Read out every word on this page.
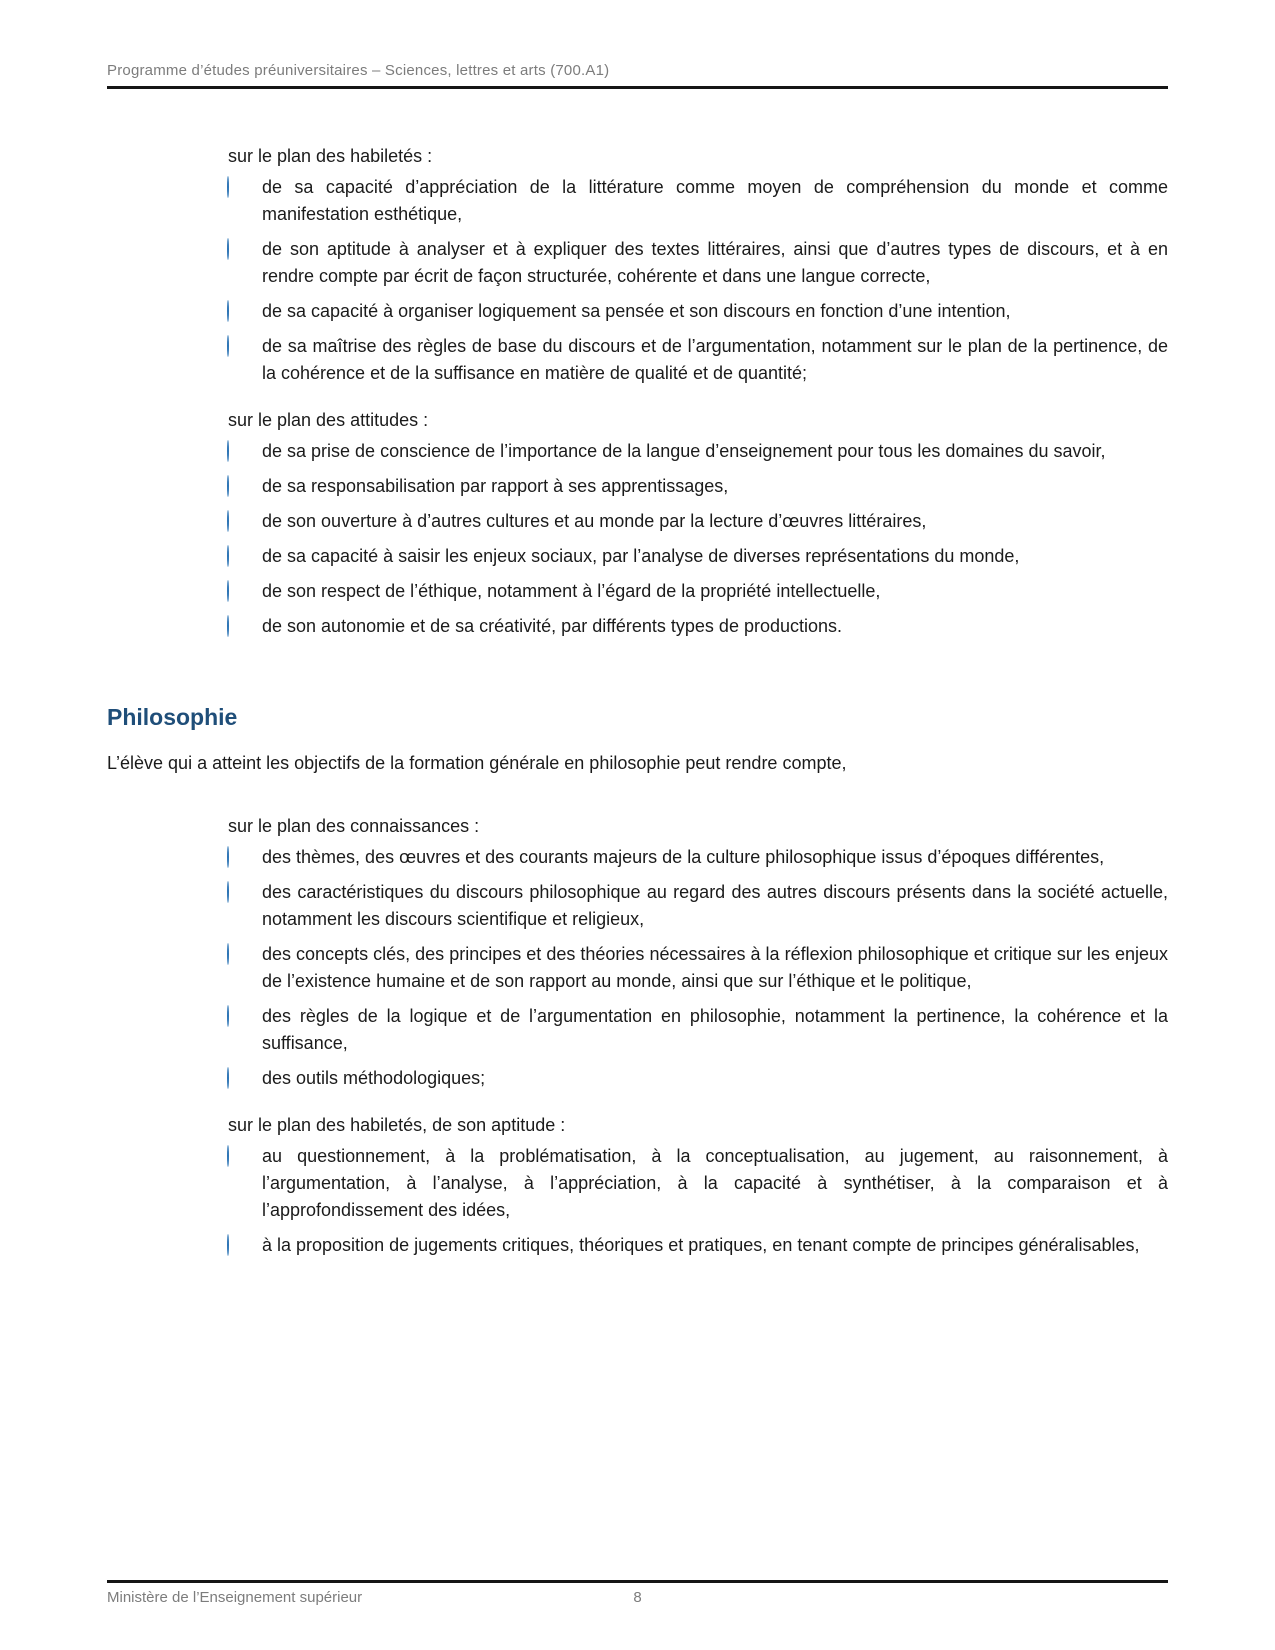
Programme d’études préuniversitaires – Sciences, lettres et arts (700.A1)
sur le plan des habiletés :
de sa capacité d’appréciation de la littérature comme moyen de compréhension du monde et comme manifestation esthétique,
de son aptitude à analyser et à expliquer des textes littéraires, ainsi que d’autres types de discours, et à en rendre compte par écrit de façon structurée, cohérente et dans une langue correcte,
de sa capacité à organiser logiquement sa pensée et son discours en fonction d’une intention,
de sa maîtrise des règles de base du discours et de l’argumentation, notamment sur le plan de la pertinence, de la cohérence et de la suffisance en matière de qualité et de quantité;
sur le plan des attitudes :
de sa prise de conscience de l’importance de la langue d’enseignement pour tous les domaines du savoir,
de sa responsabilisation par rapport à ses apprentissages,
de son ouverture à d’autres cultures et au monde par la lecture d’œuvres littéraires,
de sa capacité à saisir les enjeux sociaux, par l’analyse de diverses représentations du monde,
de son respect de l’éthique, notamment à l’égard de la propriété intellectuelle,
de son autonomie et de sa créativité, par différents types de productions.
Philosophie

L’élève qui a atteint les objectifs de la formation générale en philosophie peut rendre compte,

sur le plan des connaissances :
des thèmes, des œuvres et des courants majeurs de la culture philosophique issus d’époques différentes,
des caractéristiques du discours philosophique au regard des autres discours présents dans la société actuelle, notamment les discours scientifique et religieux,
des concepts clés, des principes et des théories nécessaires à la réflexion philosophique et critique sur les enjeux de l’existence humaine et de son rapport au monde, ainsi que sur l’éthique et le politique,
des règles de la logique et de l’argumentation en philosophie, notamment la pertinence, la cohérence et la suffisance,
des outils méthodologiques;
sur le plan des habiletés, de son aptitude :
au questionnement, à la problématisation, à la conceptualisation, au jugement, au raisonnement, à l’argumentation, à l’analyse, à l’appréciation, à la capacité à synthétiser, à la comparaison et à l’approfondissement des idées,
à la proposition de jugements critiques, théoriques et pratiques, en tenant compte de principes généralisables,
Ministère de l’Enseignement supérieur	8
